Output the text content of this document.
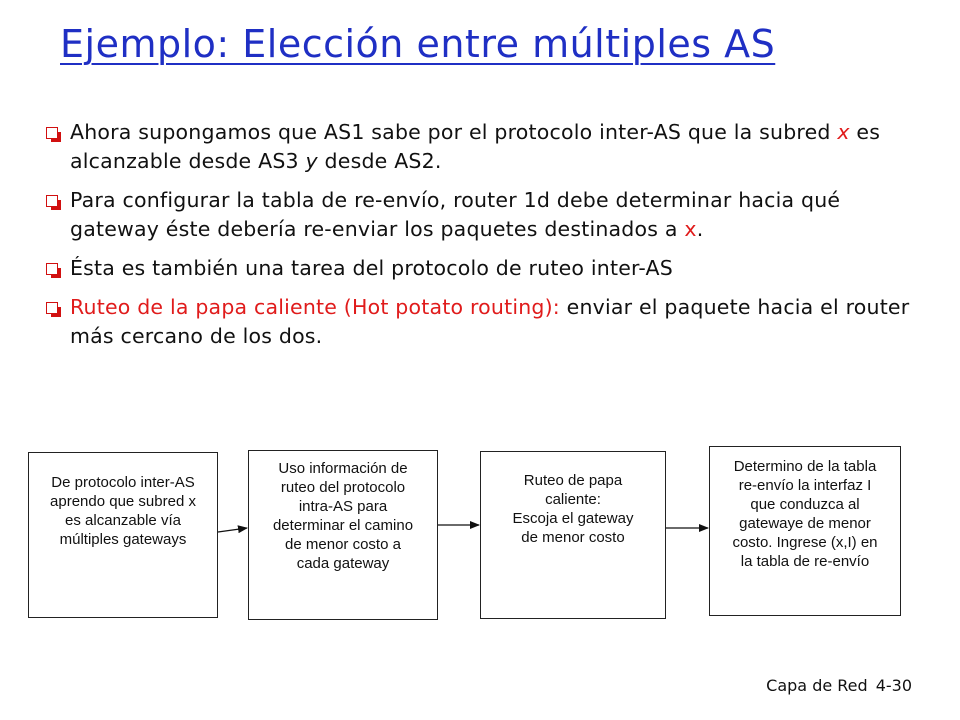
Ejemplo: Elección entre múltiples AS
Ahora supongamos que AS1 sabe por el protocolo inter-AS que la subred x es alcanzable desde AS3 y desde AS2.
Para configurar la tabla de re-envío, router 1d debe determinar hacia qué gateway éste debería re-enviar los paquetes destinados a x.
Ésta es también una tarea del protocolo de ruteo inter-AS
Ruteo de la papa caliente (Hot potato routing): enviar el paquete hacia el router más cercano de los dos.
De protocolo inter-AS
aprendo que subred x
es alcanzable vía
múltiples gateways
Uso información de
ruteo del protocolo
intra-AS para
determinar el camino
de menor costo a
cada gateway
Ruteo de papa
caliente:
Escoja el gateway
de menor costo
Determino de la tabla
re-envío la interfaz I
que conduzca al
gatewaye de menor
costo. Ingrese (x,I) en
la tabla de re-envío
Capa de Red 4-30
